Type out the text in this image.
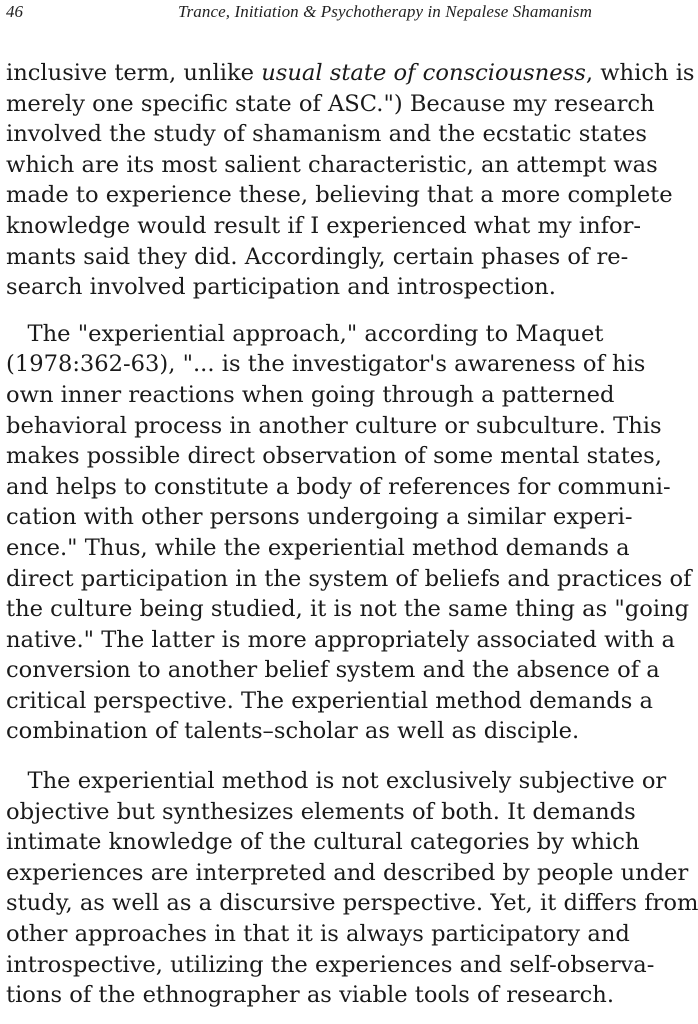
46	Trance, Initiation & Psychotherapy in Nepalese Shamanism

inclusive term, unlike usual state of consciousness, which is
merely one specific state of ASC.") Because my research
involved the study of shamanism and the ecstatic states
which are its most salient characteristic, an attempt was
made to experience these, believing that a more complete
knowledge would result if I experienced what my infor-
mants said they did. Accordingly, certain phases of re-
search involved participation and introspection.

The "experiential approach," according to Maquet
(1978:362-63), "... is the investigator's awareness of his
own inner reactions when going through a patterned
behavioral process in another culture or subculture. This
makes possible direct observation of some mental states,
and helps to constitute a body of references for communi-
cation with other persons undergoing a similar experi-
ence." Thus, while the experiential method demands a
direct participation in the system of beliefs and practices of
the culture being studied, it is not the same thing as "going
native." The latter is more appropriately associated with a
conversion to another belief system and the absence of a
critical perspective. The experiential method demands a
combination of talents–scholar as well as disciple.

The experiential method is not exclusively subjective or
objective but synthesizes elements of both. It demands
intimate knowledge of the cultural categories by which
experiences are interpreted and described by people under
study, as well as a discursive perspective. Yet, it differs from
other approaches in that it is always participatory and
introspective, utilizing the experiences and self-observa-
tions of the ethnographer as viable tools of research.
